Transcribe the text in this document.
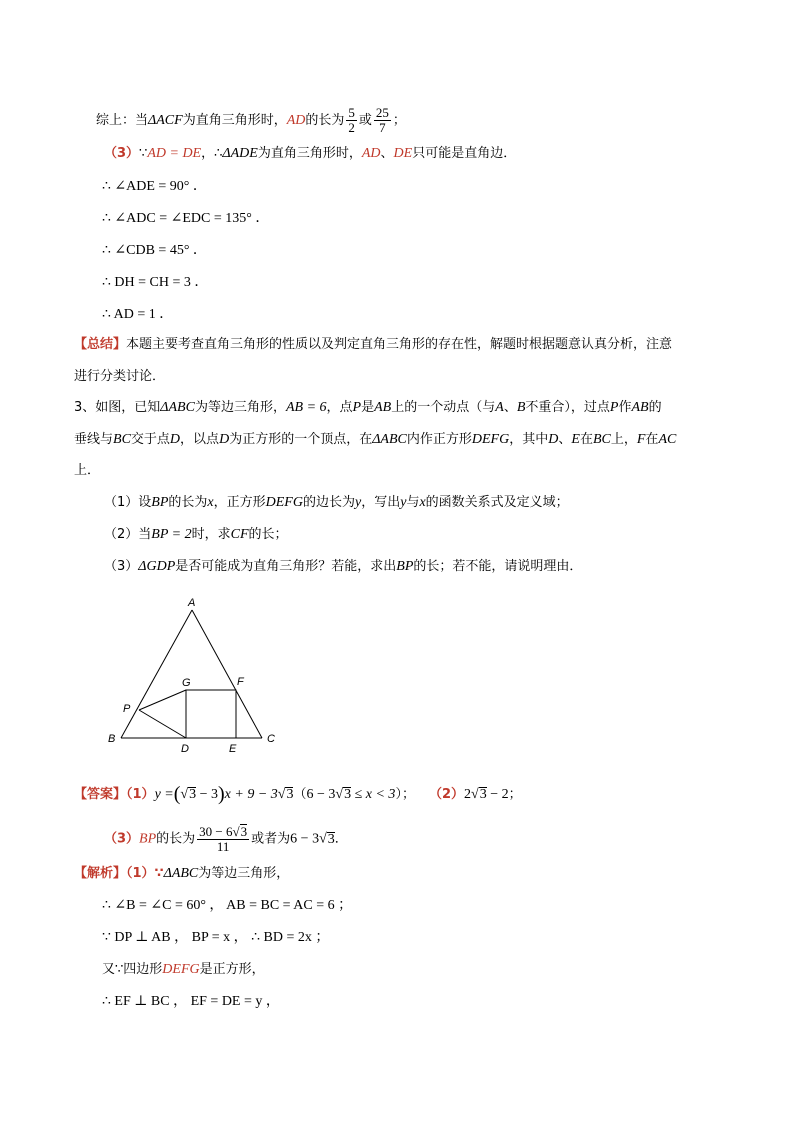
综上：当ΔACF为直角三角形时，AD的长为 $\frac{5}{2}$ 或 $\frac{25}{7}$ ；
（3）∵AD = DE，∴ΔADE为直角三角形时，AD、DE只可能是直角边．
∴ ∠ADE = 90° ．
∴ ∠ADC = ∠EDC = 135° ．
∴ ∠CDB = 45° ．
∴ DH = CH = 3 ．
∴ AD = 1 ．
【总结】本题主要考查直角三角形的性质以及判定直角三角形的存在性，解题时根据题意认真分析，注意
进行分类讨论．
3、如图，已知ΔABC为等边三角形，AB = 6，点P是AB上的一个动点（与A、B不重合），过点P作AB的
垂线与BC交于点D，以点D为正方形的一个顶点，在ΔABC内作正方形DEFG，其中D、E在BC上，F在AC
上．
（1）设BP的长为x，正方形DEFG的边长为y，写出y与x的函数关系式及定义域；
（2）当BP = 2时，求CF的长；
（3）ΔGDP是否可能成为直角三角形？若能，求出BP的长；若不能，请说明理由．
A
B	C
D	E
F
G
P
【答案】（1）y =(√3 − 3)x + 9 − 3√3（6 − 3√3 ≤ x < 3）； （2）2√3 − 2；
（3）BP的长为 $\frac{30 - 6√3}{11}$ 或者为6 − 3√3．
【解析】（1）∵ΔABC为等边三角形，
∴ ∠B = ∠C = 60° ， AB = BC = AC = 6 ；
∵ DP ⊥ AB ， BP = x ， ∴ BD = 2x ；
又∵四边形DEFG是正方形，
∴ EF ⊥ BC ， EF = DE = y ，
